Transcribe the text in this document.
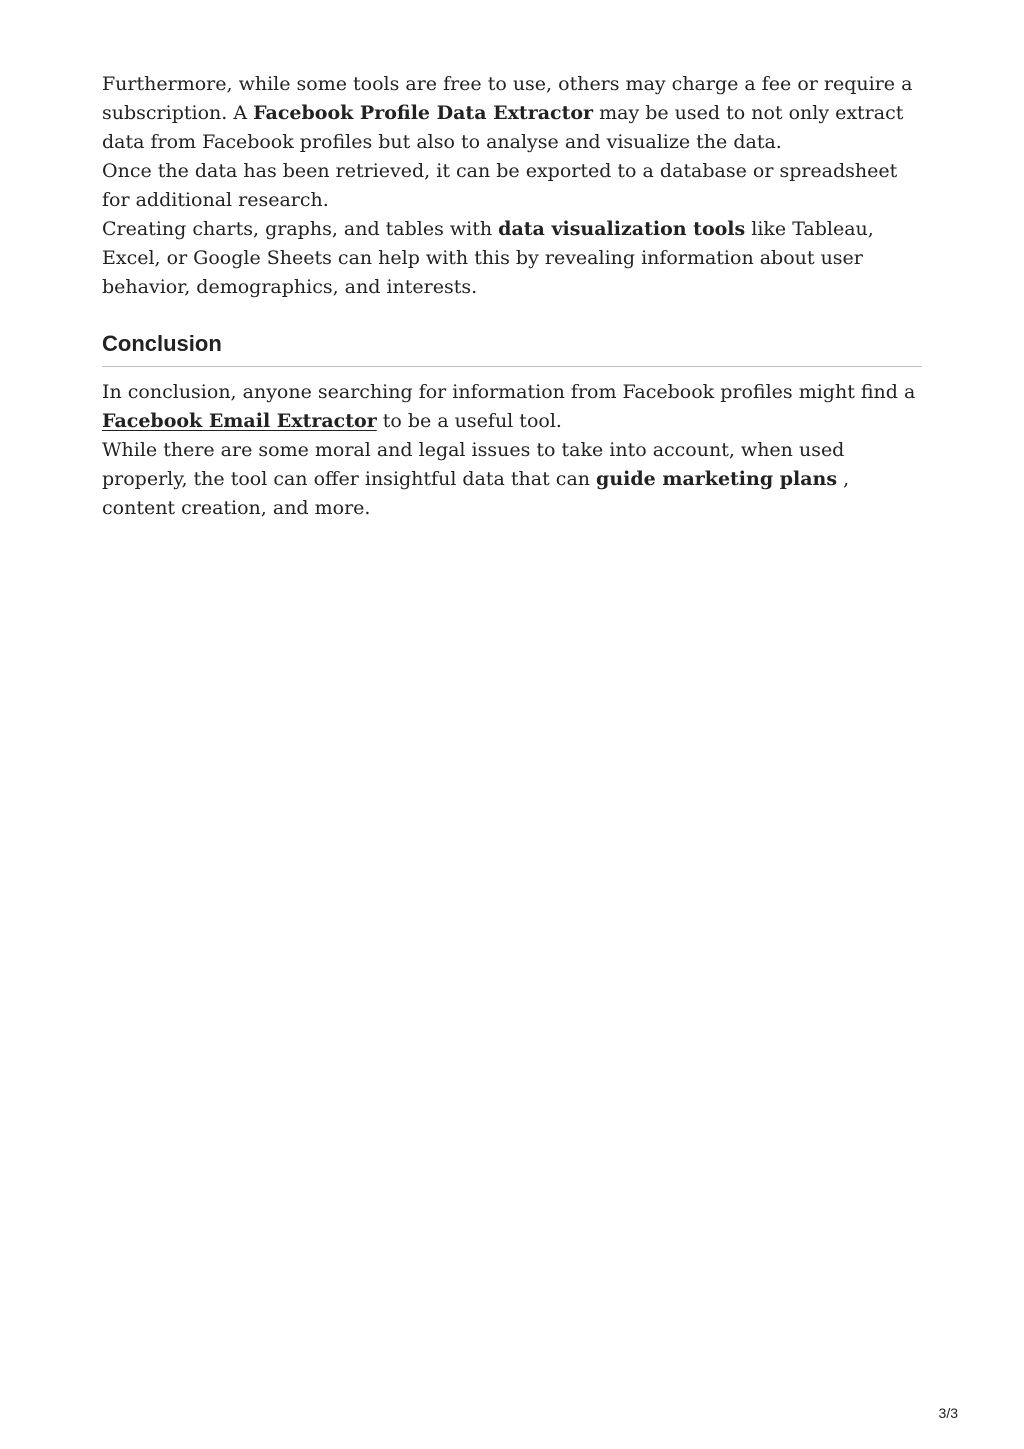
Furthermore, while some tools are free to use, others may charge a fee or require a subscription. A Facebook Profile Data Extractor may be used to not only extract data from Facebook profiles but also to analyse and visualize the data.

Once the data has been retrieved, it can be exported to a database or spreadsheet for additional research.

Creating charts, graphs, and tables with data visualization tools like Tableau, Excel, or Google Sheets can help with this by revealing information about user behavior, demographics, and interests.

Conclusion

In conclusion, anyone searching for information from Facebook profiles might find a Facebook Email Extractor to be a useful tool.

While there are some moral and legal issues to take into account, when used properly, the tool can offer insightful data that can guide marketing plans , content creation, and more.

3/3
